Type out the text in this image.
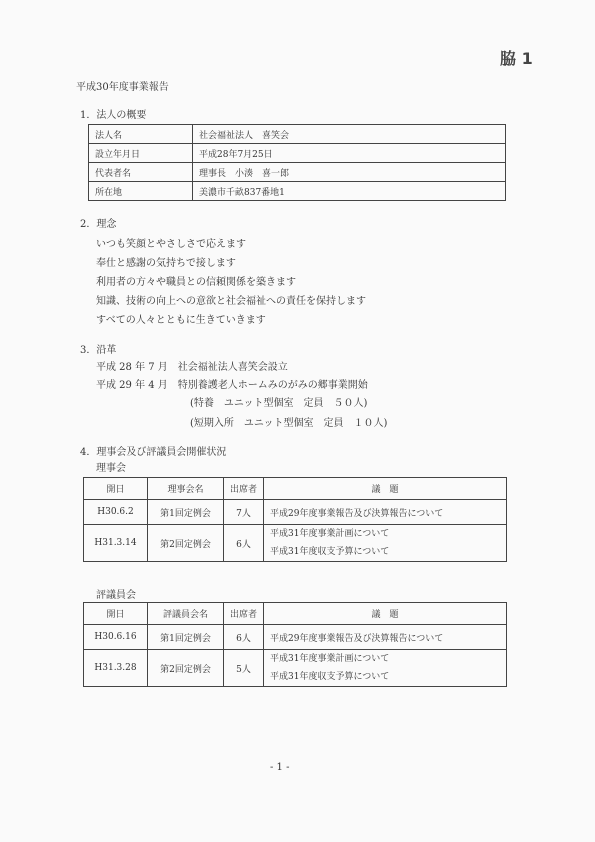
脇 1
平成30年度事業報告
1．法人の概要
法人名	社会福祉法人　喜笑会
設立年月日	平成28年7月25日
代表者名	理事長　小湊　喜一郎
所在地	美濃市千畝837番地1
2．理念
いつも笑顔とやさしさで応えます
奉仕と感謝の気持ちで接します
利用者の方々や職員との信頼関係を築きます
知識、技術の向上への意欲と社会福祉への責任を保持します
すべての人々とともに生きていきます
3．沿革
平成 28 年 7 月　社会福祉法人喜笑会設立
平成 29 年 4 月　特別養護老人ホームみのがみの郷事業開始
(特養　ユニット型個室　定員　５０人)
(短期入所　ユニット型個室　定員　１０人)
4．理事会及び評議員会開催状況
理事会
開日	理事会名	出席者	議　題
H30.6.2	第1回定例会	7人	平成29年度事業報告及び決算報告について
H31.3.14	第2回定例会	6人	平成31年度事業計画について
平成31年度収支予算について
評議員会
開日	評議員会名	出席者	議　題
H30.6.16	第1回定例会	6人	平成29年度事業報告及び決算報告について
H31.3.28	第2回定例会	5人	平成31年度事業計画について
平成31年度収支予算について
- 1 -
